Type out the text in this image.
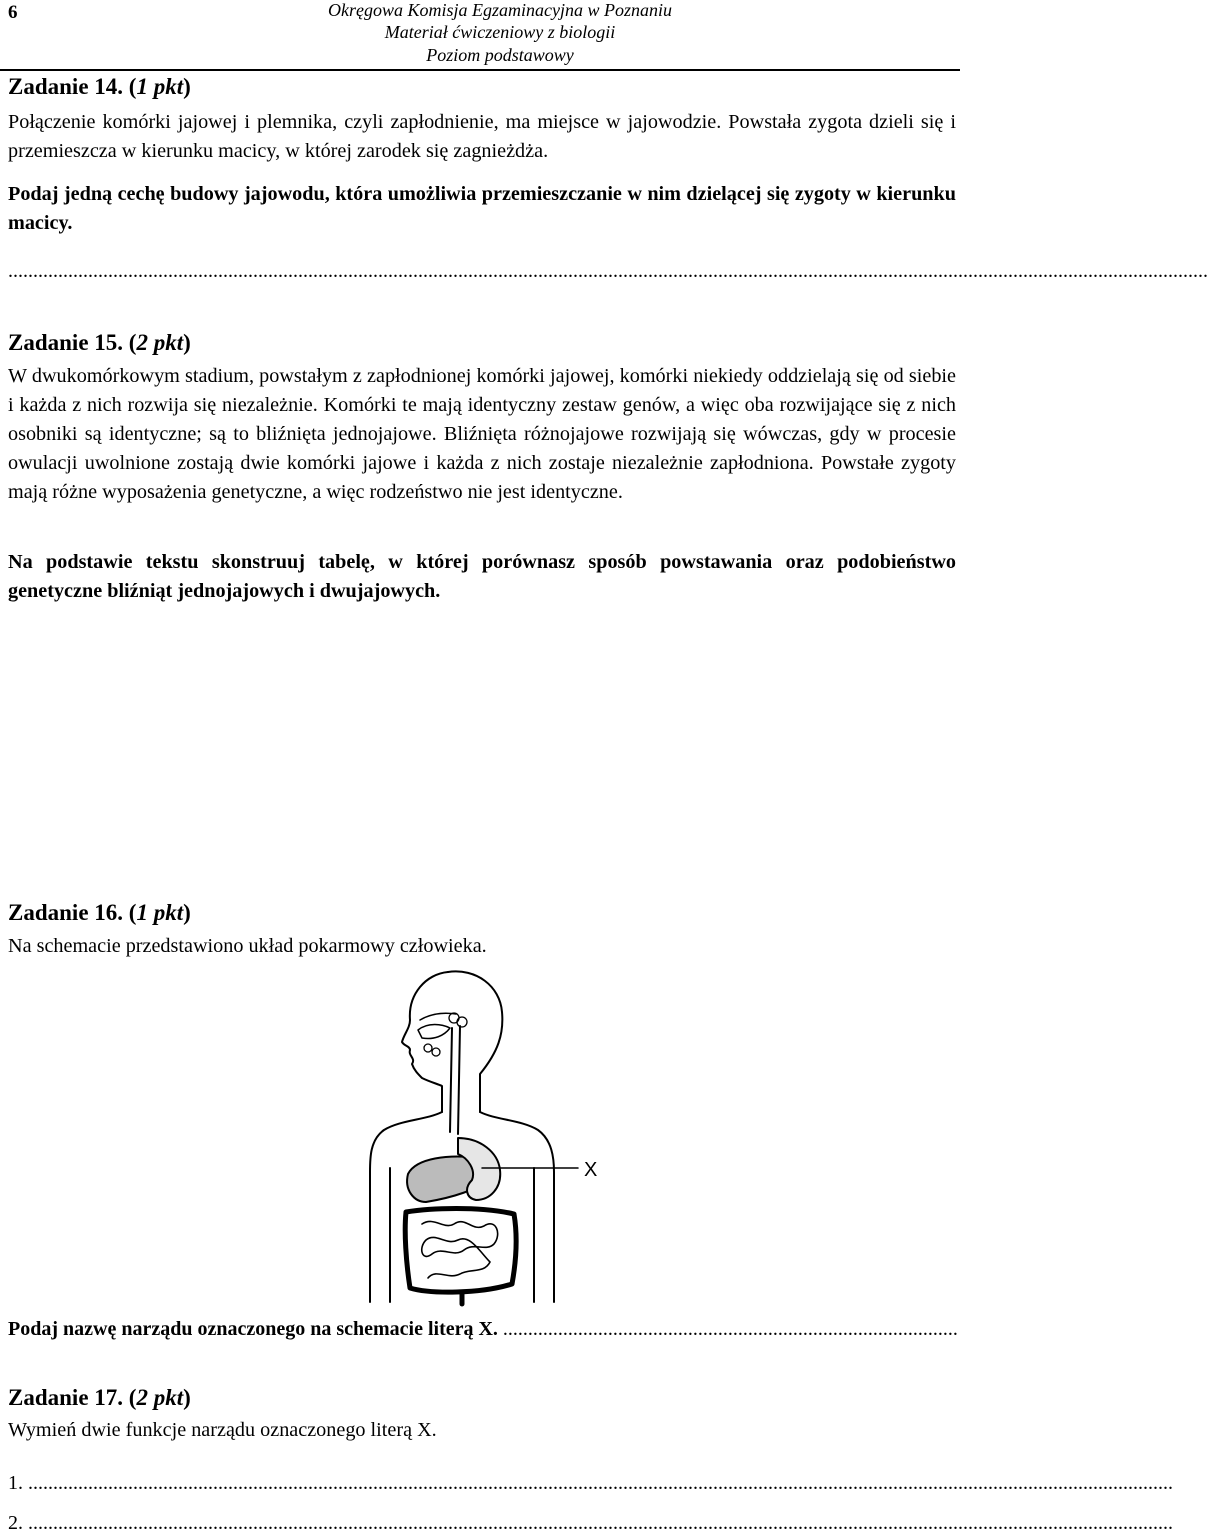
6	Okręgowa Komisja Egzaminacyjna w Poznaniu
Materiał ćwiczeniowy z biologii
Poziom podstawowy
Zadanie 14. (1 pkt)
Połączenie komórki jajowej i plemnika, czyli zapłodnienie, ma miejsce w jajowodzie. Powstała zygota dzieli się i przemieszcza w kierunku macicy, w której zarodek się zagnieżdża.
Podaj jedną cechę budowy jajowodu, która umożliwia przemieszczanie w nim dzielącej się zygoty w kierunku macicy.
................................................................................................................................................................................................................................................
Zadanie 15. (2 pkt)
W dwukomórkowym stadium, powstałym z zapłodnionej komórki jajowej, komórki niekiedy oddzielają się od siebie i każda z nich rozwija się niezależnie. Komórki te mają identyczny zestaw genów, a więc oba rozwijające się z nich osobniki są identyczne; są to bliźnięta jednojajowe. Bliźnięta różnojajowe rozwijają się wówczas, gdy w procesie owulacji uwolnione zostają dwie komórki jajowe i każda z nich zostaje niezależnie zapłodniona. Powstałe zygoty mają różne wyposażenia genetyczne, a więc rodzeństwo nie jest identyczne.
Na podstawie tekstu skonstruuj tabelę, w której porównasz sposób powstawania oraz podobieństwo genetyczne bliźniąt jednojajowych i dwujajowych.
Zadanie 16. (1 pkt)
Na schemacie przedstawiono układ pokarmowy człowieka.
X
Podaj nazwę narządu oznaczonego na schemacie literą X. ...........................................................................................
Zadanie 17. (2 pkt)
Wymień dwie funkcje narządu oznaczonego literą X.
1. .....................................................................................................................................................................................................................................
2. .....................................................................................................................................................................................................................................
